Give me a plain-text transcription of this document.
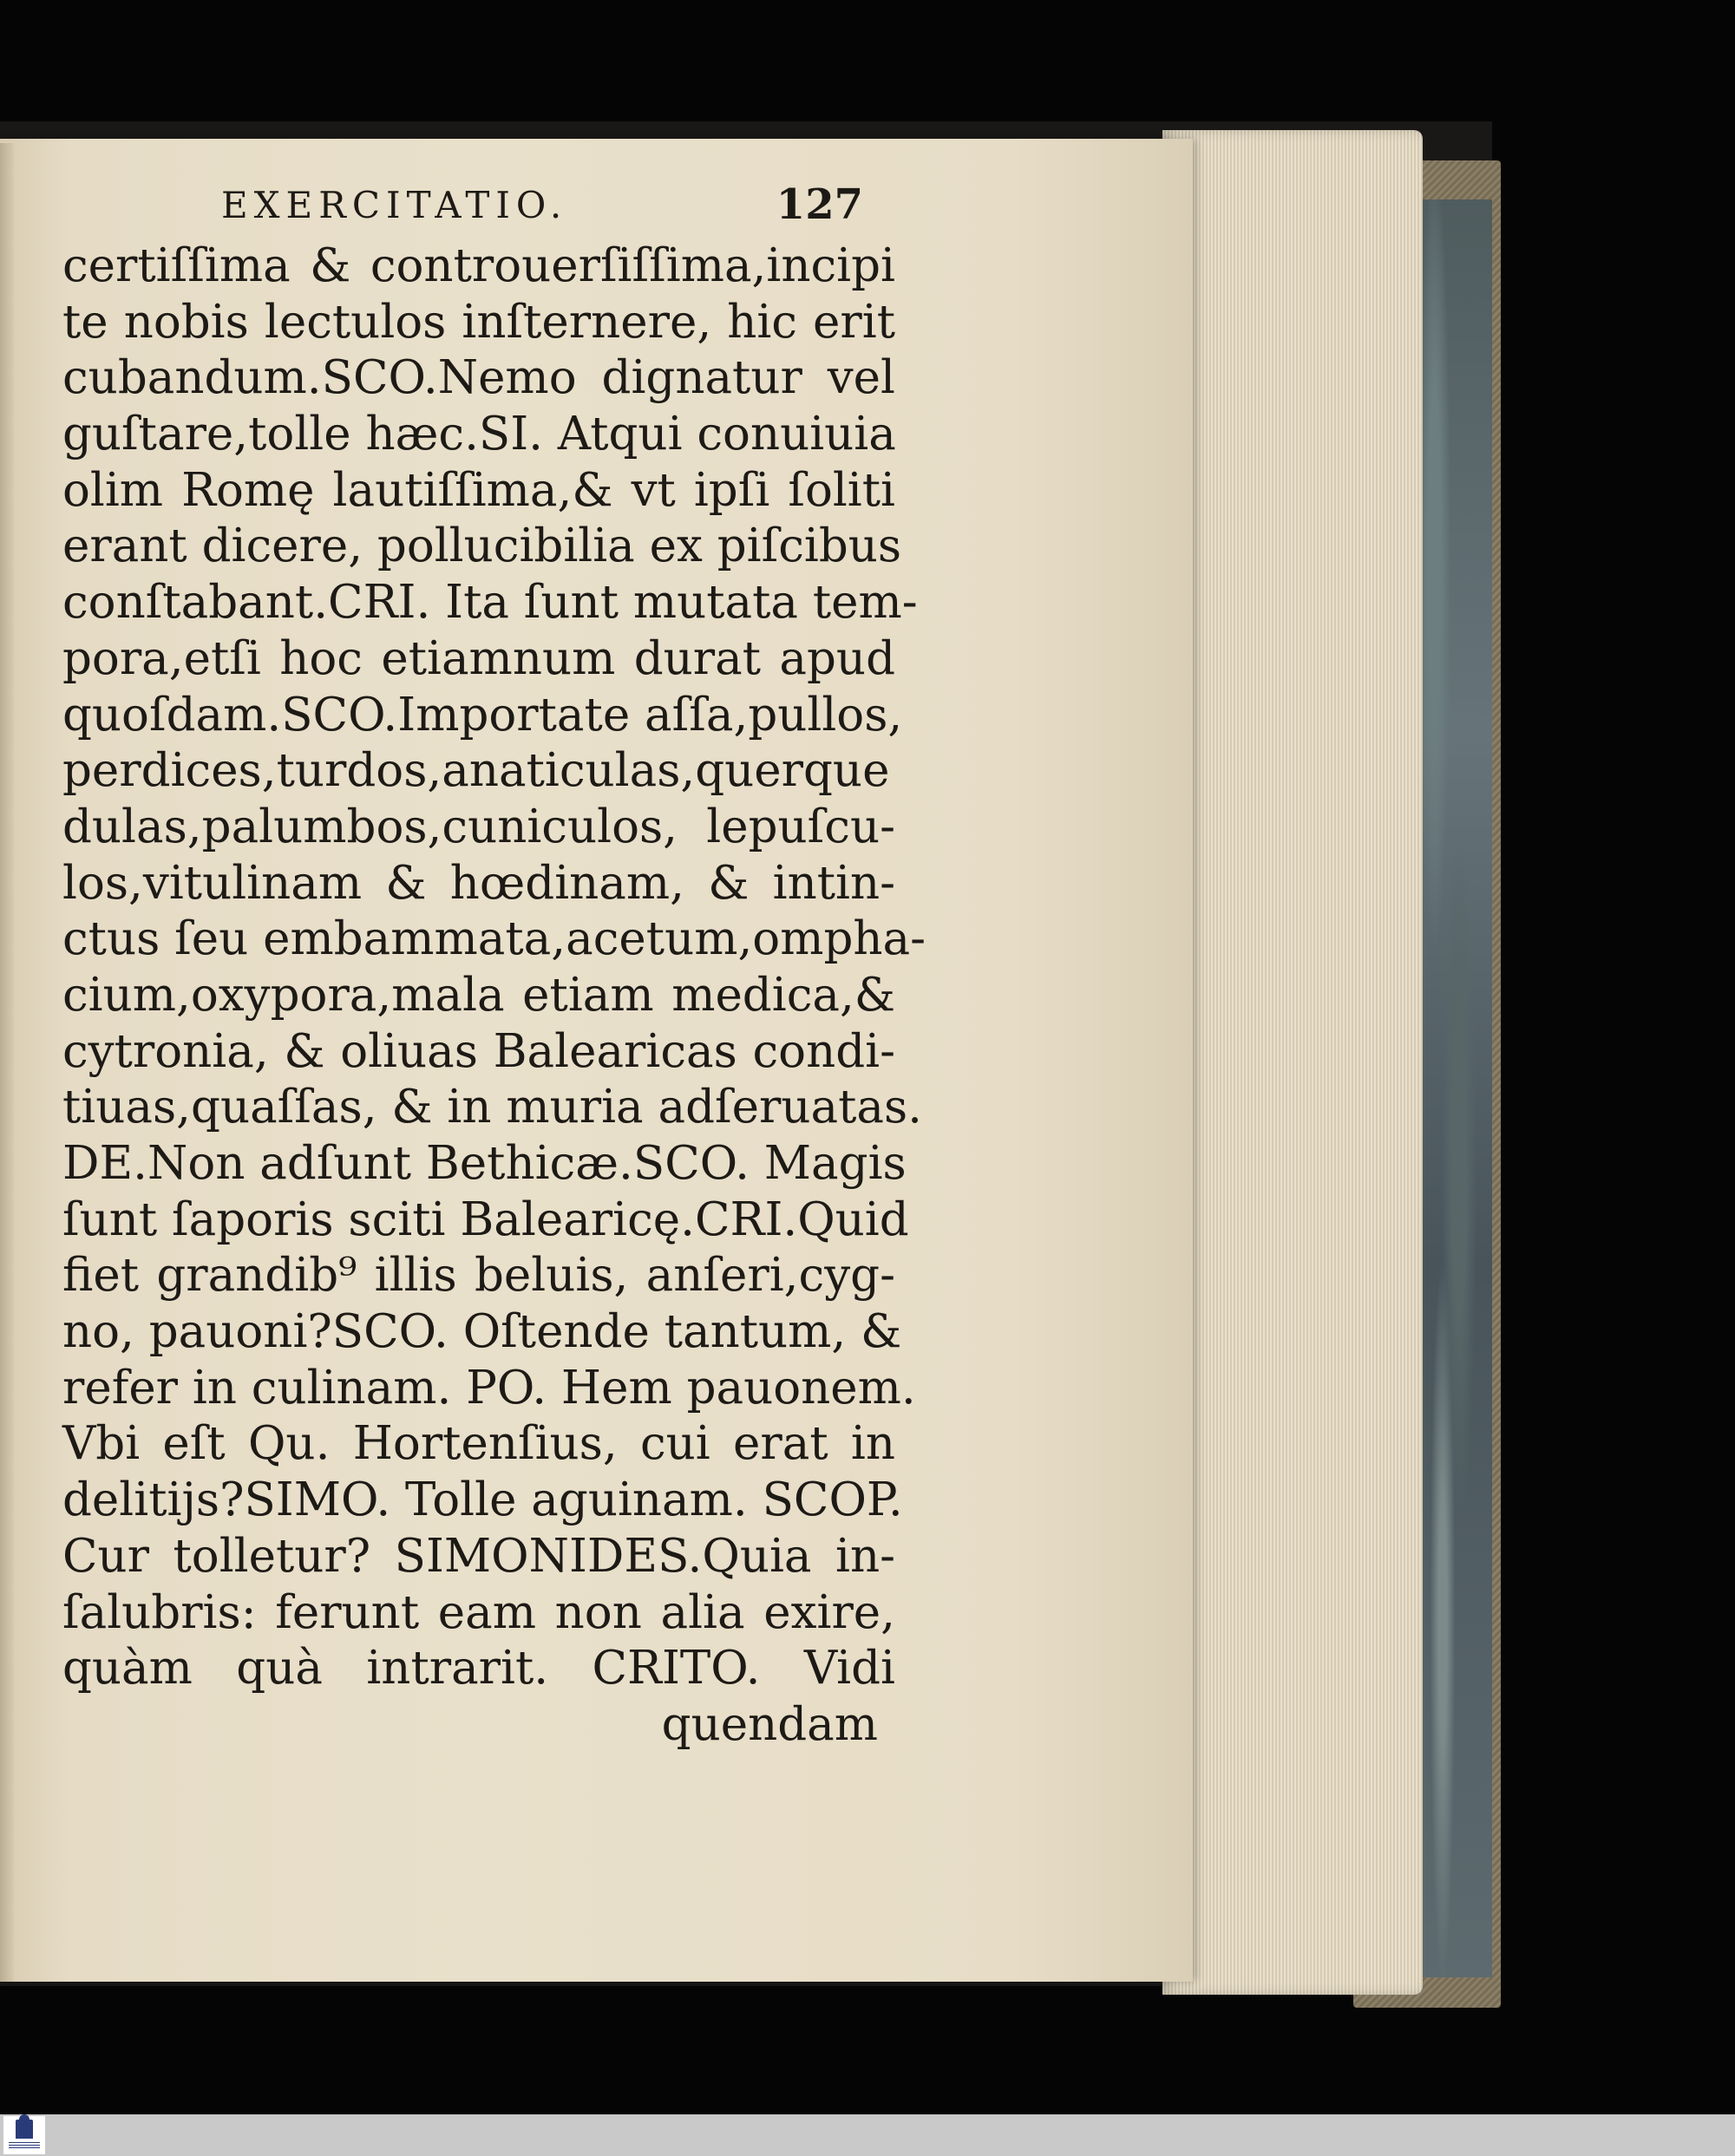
EXERCITATIO.	127
certiſſima & controuerſiſſima,incipi
te nobis lectulos inſternere, hic erit
cubandum.SCO.Nemo dignatur vel
guſtare,tolle hæc.SI. Atqui conuiuia
olim Romę lautiſſima,& vt ipſi ſoliti
erant dicere, pollucibilia ex piſcibus
conſtabant.CRI. Ita ſunt mutata tem-
pora,etſi hoc etiamnum durat apud
quoſdam.SCO.Importate aſſa,pullos,
perdices,turdos,anaticulas,querque
dulas,palumbos,cuniculos, lepuſcu-
los,vitulinam & hœdinam, & intin-
ctus ſeu embammata,acetum,ompha-
cium,oxypora,mala etiam medica,&
cytronia, & oliuas Balearicas condi-
tiuas,quaſſas, & in muria adſeruatas.
DE.Non adſunt Bethicæ.SCO. Magis
ſunt ſaporis sciti Balearicę.CRI.Quid
fiet grandib⁹ illis beluis, anſeri,cyg-
no, pauoni?SCO. Oſtende tantum, &
refer in culinam. PO. Hem pauonem.
Vbi eſt Qu. Hortenſius, cui erat in
delitijs?SIMO. Tolle aguinam. SCOP.
Cur tolletur? SIMONIDES.Quia in-
ſalubris: ferunt eam non alia exire,
quàm quà intrarit. CRITO. Vidi
quendam
